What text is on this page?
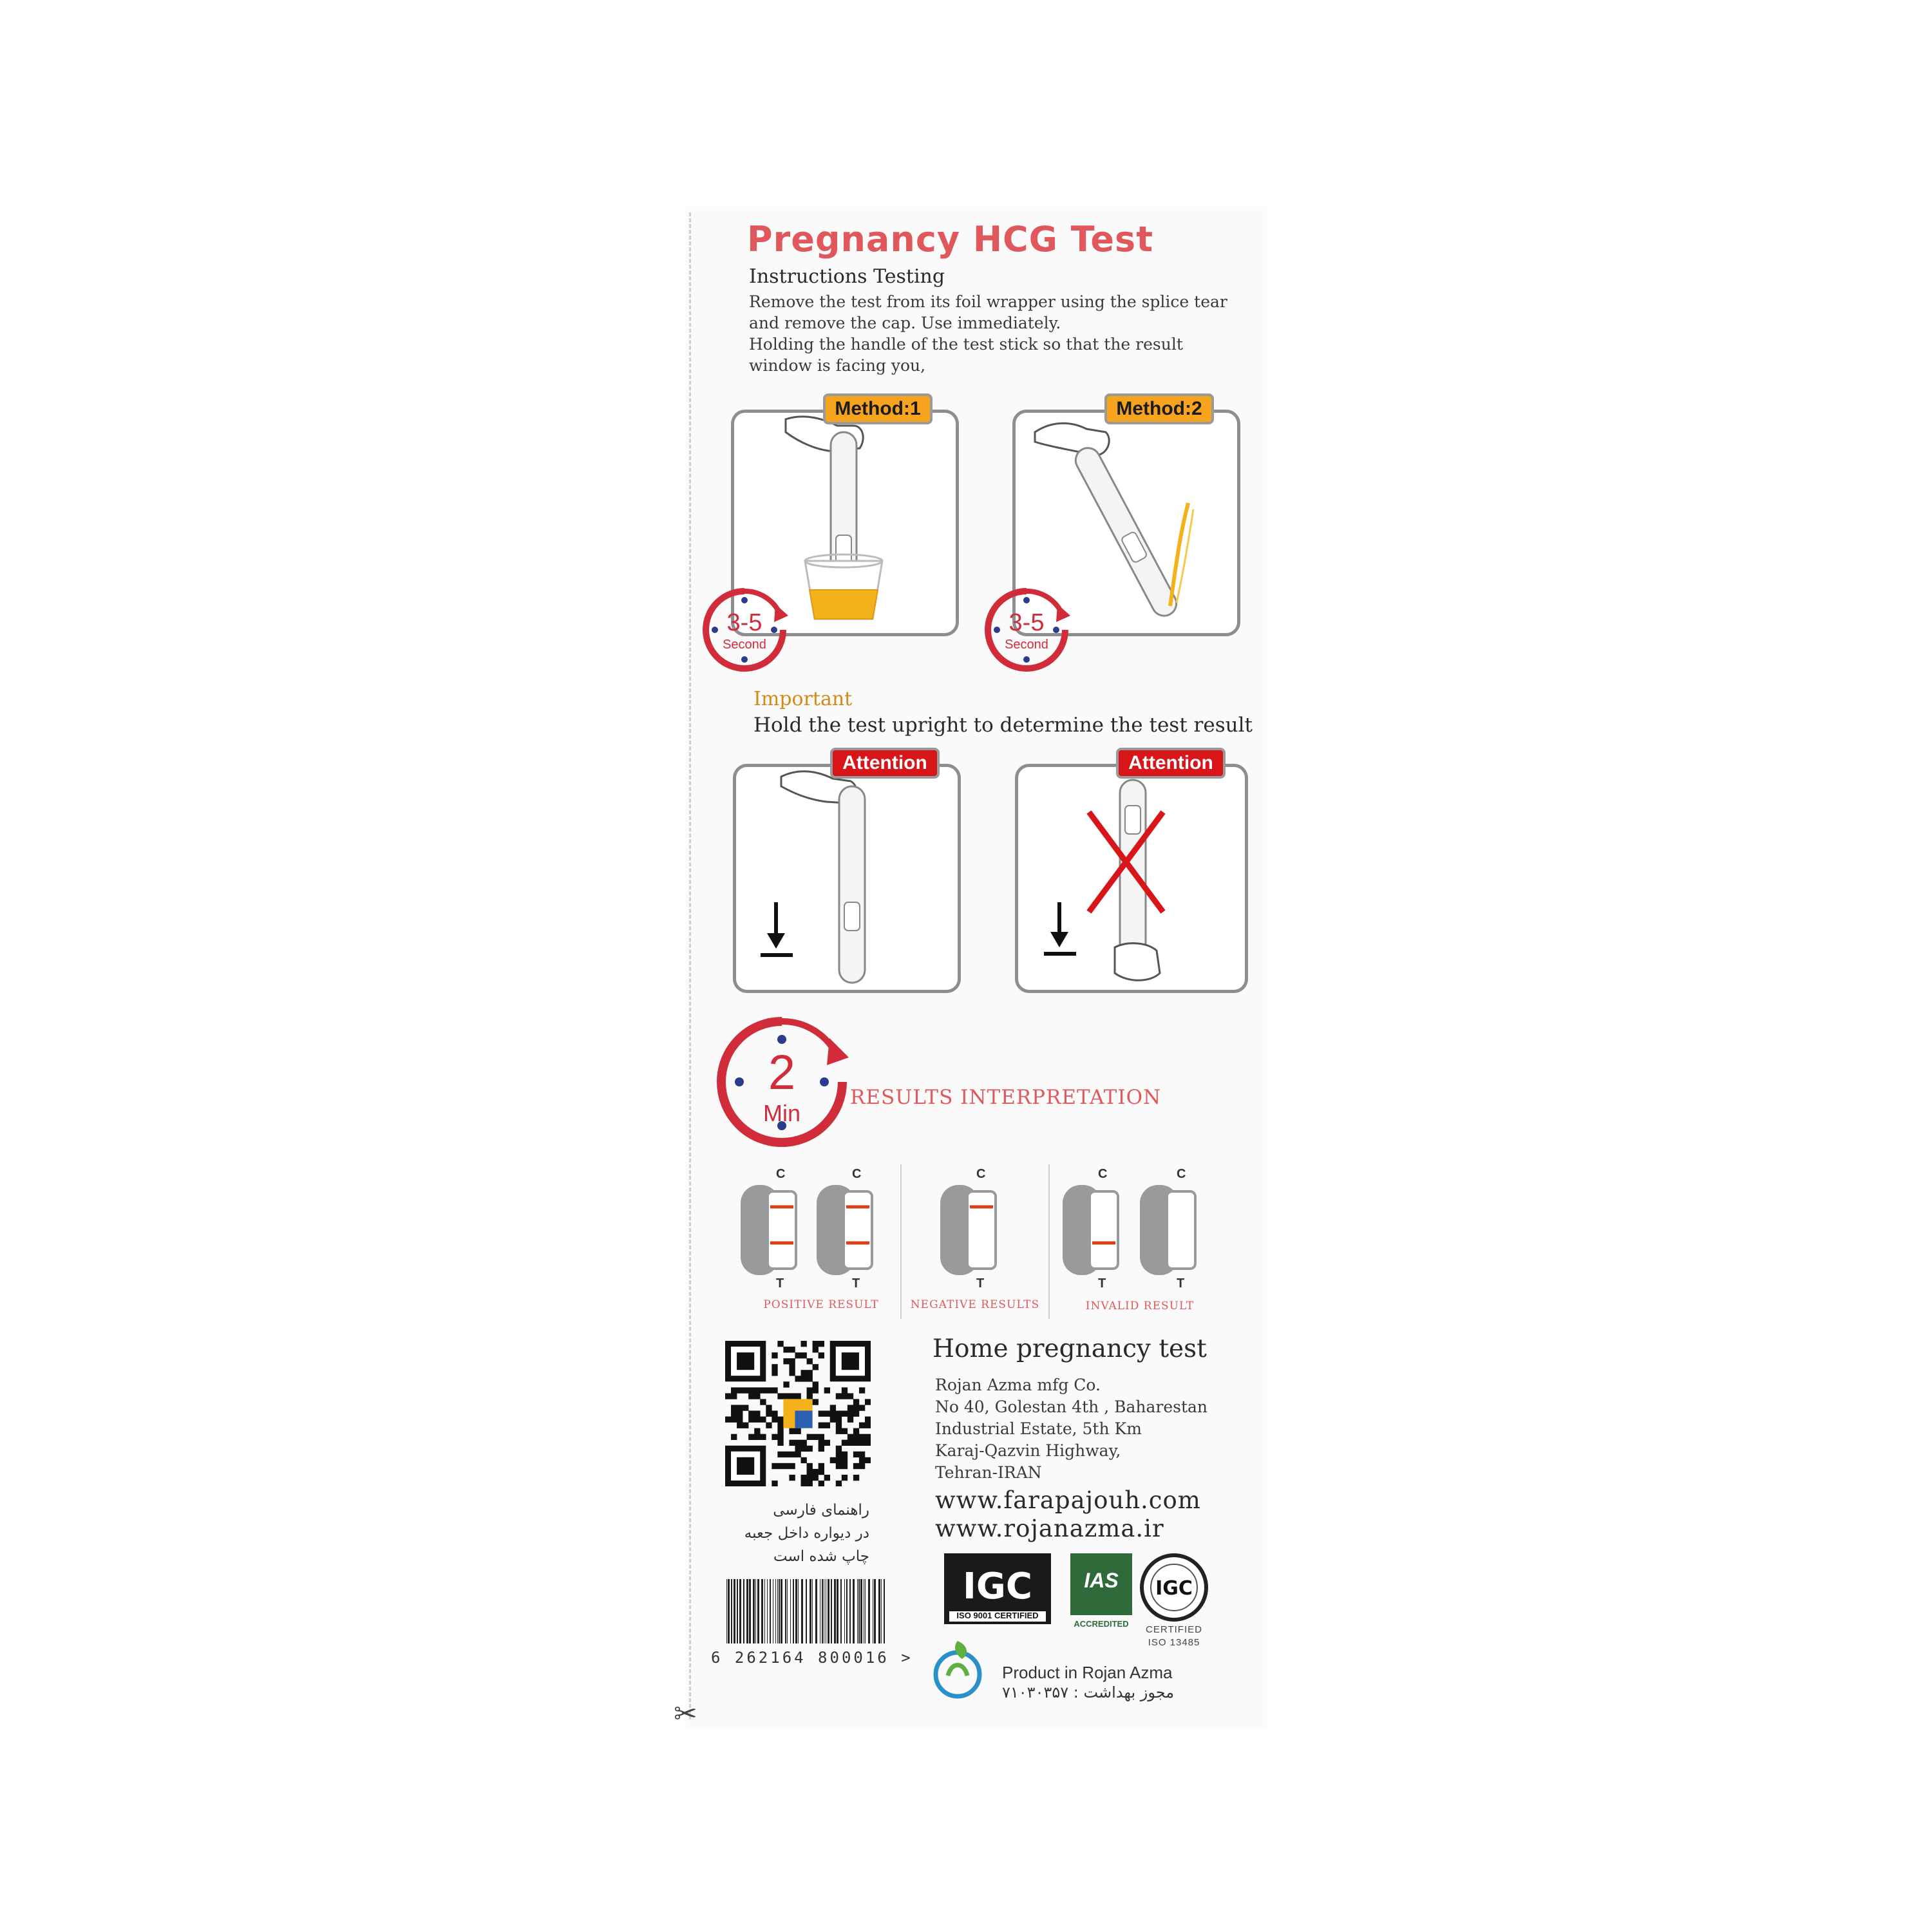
Pregnancy HCG Test
Instructions Testing
Remove the test from its foil wrapper using the splice tear
and remove the cap. Use immediately.
Holding the handle of the test stick so that the result
window is facing you,
Method:1
3-5
Second
Method:2
3-5
Second
Important
Hold the test upright to determine the test result
Attention	Attention
2
Min
RESULTS INTERPRETATION
C	C	C	C	C
T	T	T	T	T
POSITIVE RESULT	NEGATIVE RESULTS	INVALID RESULT
راهنمای فارسی
در دیواره داخل جعبه
چاپ شده است
6 262164 800016 >
✂
Home pregnancy test
Rojan Azma mfg Co.
No 40, Golestan 4th , Baharestan
Industrial Estate, 5th Km
Karaj-Qazvin Highway,
Tehran-IRAN
www.farapajouh.com
www.rojanazma.ir
IGC
ISO 9001 CERTIFIED
IAS
ACCREDITED
IGC
CERTIFIED
ISO 13485
Product in Rojan Azma
مجوز بهداشت : ۷۱۰۳۰۳۵۷
